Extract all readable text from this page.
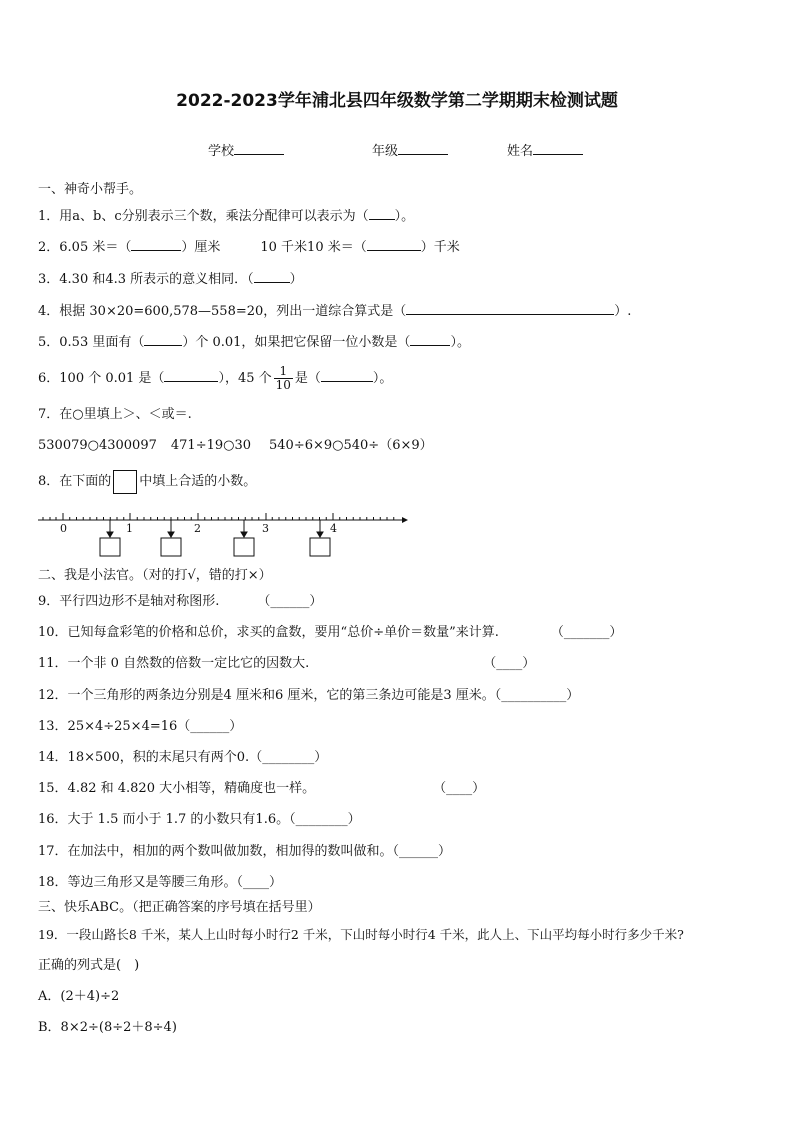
2022-2023学年浦北县四年级数学第二学期期末检测试题
学校	年级	姓名
一、神奇小帮手。
1．用a、b、c分别表示三个数，乘法分配律可以表示为（ ）。
2．6.05 米＝（	）厘米	10 千米10 米＝（	）千米
3．4.30 和4.3 所表示的意义相同．（	）
4．根据 30×20=600,578—558=20，列出一道综合算式是（	）.
5．0.53 里面有（	）个 0.01，如果把它保留一位小数是（	）。
6．100 个 0.01 是（	），45 个 $\frac{1}{10}$ 是（	）。
7．在○里填上＞、＜或＝.
530079○4300097 471÷19○30 540÷6×9○540÷（6×9）
8．在下面的 中填上合适的小数。
0	1	2	3	4
二、我是小法官。（对的打√，错的打×）
9．平行四边形不是轴对称图形.	（______）
10．已知每盒彩笔的价格和总价，求买的盒数，要用“总价÷单价＝数量”来计算.	（_______）
11．一个非 0 自然数的倍数一定比它的因数大.	（____）
12．一个三角形的两条边分别是4 厘米和6 厘米，它的第三条边可能是3 厘米。（__________）
13．25×4÷25×4=16（______）
14．18×500，积的末尾只有两个0.（________）
15．4.82 和 4.820 大小相等，精确度也一样。	（____）
16．大于 1.5 而小于 1.7 的小数只有1.6。（________）
17．在加法中，相加的两个数叫做加数，相加得的数叫做和。（______）
18．等边三角形又是等腰三角形。（____）
三、快乐ABC。（把正确答案的序号填在括号里）
19．一段山路长8 千米，某人上山时每小时行2 千米，下山时每小时行4 千米，此人上、下山平均每小时行多少千米?
正确的列式是(　)
A．(2＋4)÷2
B．8×2÷(8÷2＋8÷4)
